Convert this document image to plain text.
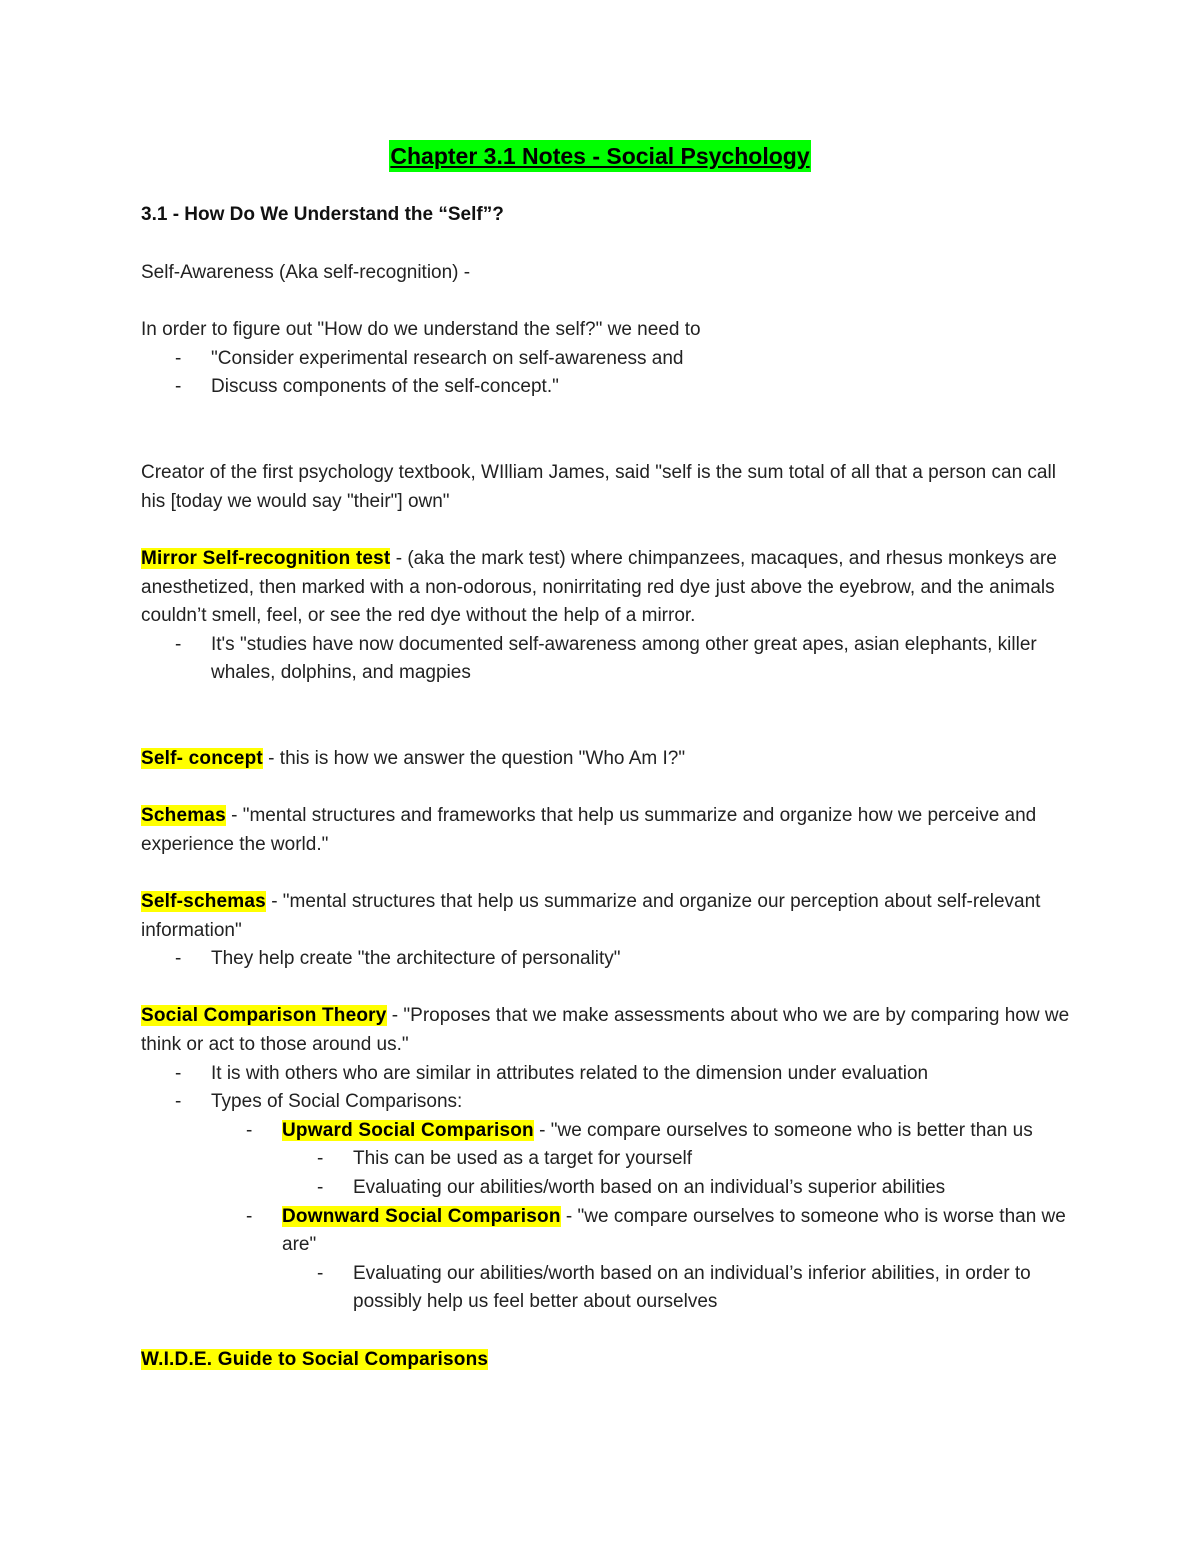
Chapter 3.1 Notes - Social Psychology
3.1 - How Do We Understand the “Self”?

Self-Awareness (Aka self-recognition) -

In order to figure out "How do we understand the self?" we need to

- "Consider experimental research on self-awareness and

- Discuss components of the self-concept."

Creator of the first psychology textbook, WIlliam James, said "self is the sum total of all that a person can call his [today we would say "their"] own"

Mirror Self-recognition test - (aka the mark test) where chimpanzees, macaques, and rhesus monkeys are anesthetized, then marked with a non-odorous, nonirritating red dye just above the eyebrow, and the animals couldn’t smell, feel, or see the red dye without the help of a mirror.

- It's "studies have now documented self-awareness among other great apes, asian elephants, killer whales, dolphins, and magpies

Self- concept - this is how we answer the question "Who Am I?"

Schemas - "mental structures and frameworks that help us summarize and organize how we perceive and experience the world."

Self-schemas - "mental structures that help us summarize and organize our perception about self-relevant information"

- They help create "the architecture of personality"

Social Comparison Theory - "Proposes that we make assessments about who we are by comparing how we think or act to those around us."

- It is with others who are similar in attributes related to the dimension under evaluation

- Types of Social Comparisons:

- Upward Social Comparison - "we compare ourselves to someone who is better than us

- This can be used as a target for yourself

- Evaluating our abilities/worth based on an individual’s superior abilities

- Downward Social Comparison - "we compare ourselves to someone who is worse than we are"

- Evaluating our abilities/worth based on an individual’s inferior abilities, in order to possibly help us feel better about ourselves

W.I.D.E. Guide to Social Comparisons
